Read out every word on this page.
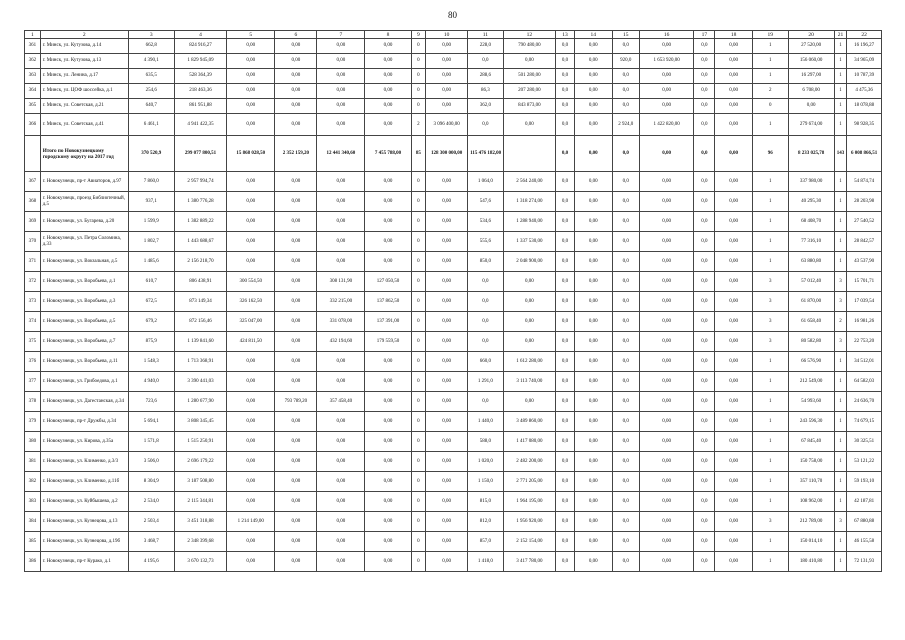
80
1	2	3	4	5	6	7	8	9	10	11	12	13	14	15	16	17	18	19	20	21	22
361	г. Минск, ул. Кутузова, д.14	662,8	824 916,27	0,00	0,00	0,00	0,00	0	0,00	228,0	790 480,00	0,0	0,00	0,0	0,00	0,0	0,00	1	27 520,00	1	16 196,27
362	г. Минск, ул. Кутузова, д.13	4 390,1	1 829 945,09	0,00	0,00	0,00	0,00	0	0,00	0,0	0,00	0,0	0,00	920,0	1 653 920,00	0,0	0,00	1	156 060,00	1	34 965,09
363	г. Минск, ул. Ленина, д.17	635,5	528 364,39	0,00	0,00	0,00	0,00	0	0,00	288,6	501 280,00	0,0	0,00	0,0	0,00	0,0	0,00	1	16 297,00	1	10 787,39
364	г. Минск, ул. ЦОФ шоссейка, д.1	254,6	218 463,36	0,00	0,00	0,00	0,00	0	0,00	86,3	207 280,00	0,0	0,00	0,0	0,00	0,0	0,00	2	6 708,00	1	4 475,36
365	г. Минск, ул. Советская, д.21	640,7	861 951,88	0,00	0,00	0,00	0,00	0	0,00	362,0	843 873,00	0,0	0,00	0,0	0,00	0,0	0,00	0	0,00	1	18 078,88
366	г. Минск, ул. Советская, д.41	6 461,1	4 941 422,35	0,00	0,00	0,00	0,00	2	3 096 400,00	0,0	0,00	0,0	0,00	2 924,0	1 422 820,00	0,0	0,00	1	279 674,00	1	98 928,35
	Итого по Новокузнецкому городскому округу на 2017 год	370 520,9	299 077 800,51	15 868 028,50	2 352 159,20	12 441 340,60	7 455 788,00	85	128 300 000,00	115 476 182,00		0,0	0,00	0,0	0,00	0,0	0,00	96	8 233 025,78	143	6 008 866,51
367	г. Новокузнецк, пр-т Авиаторов, д.97	7 860,0	2 957 994,74	0,00	0,00	0,00	0,00	0	0,00	1 064,0	2 564 240,00	0,0	0,00	0,0	0,00	0,0	0,00	1	337 980,00	1	54 874,74
368	г. Новокузнецк, проезд Библиотечный, д.5	937,1	1 380 776,28	0,00	0,00	0,00	0,00	0	0,00	547,6	1 318 274,00	0,0	0,00	0,0	0,00	0,0	0,00	1	40 295,30	1	28 203,98
369	г. Новокузнецк, ул. Бугарева, д.20	1 599,9	1 382 889,22	0,00	0,00	0,00	0,00	0	0,00	534,6	1 288 940,00	0,0	0,00	0,0	0,00	0,0	0,00	1	68 408,70	1	27 540,52
370	г. Новокузнецк, ул. Петра Соломина, д.33	1 802,7	1 443 688,67	0,00	0,00	0,00	0,00	0	0,00	555,6	1 337 530,00	0,0	0,00	0,0	0,00	0,0	0,00	1	77 316,10	1	28 842,57
371	г. Новокузнецк, ул. Вокзальная, д.5	1 485,6	2 156 218,70	0,00	0,00	0,00	0,00	0	0,00	850,0	2 048 900,00	0,0	0,00	0,0	0,00	0,0	0,00	1	63 880,80	1	43 537,90
372	г. Новокузнецк, ул. Воробьева, д.1	610,7	806 438,91	300 554,50	0,00	308 131,90	127 050,50	0	0,00	0,0	0,00	0,0	0,00	0,0	0,00	0,0	0,00	3	57 012,40	3	15 701,71
373	г. Новокузнецк, ул. Воробьева, д.3	672,5	873 149,34	326 162,50	0,00	332 215,00	137 862,50	0	0,00	0,0	0,00	0,0	0,00	0,0	0,00	0,0	0,00	3	61 870,00	3	17 039,54
374	г. Новокузнецк, ул. Воробьева, д.5	679,2	872 156,46	325 047,00	0,00	331 078,00	137 391,00	0	0,00	0,0	0,00	0,0	0,00	0,0	0,00	0,0	0,00	3	61 658,40	2	16 981,26
375	г. Новокузнецк, ул. Воробьева, д.7	875,9	1 139 841,60	424 811,50	0,00	432 194,60	179 559,50	0	0,00	0,0	0,00	0,0	0,00	0,0	0,00	0,0	0,00	3	80 582,80	3	22 753,20
376	г. Новокузнецк, ул. Воробьева, д.11	1 548,3	1 713 368,91	0,00	0,00	0,00	0,00	0	0,00	660,0	1 612 280,00	0,0	0,00	0,0	0,00	0,0	0,00	1	66 576,90	1	34 512,01
377	г. Новокузнецк, ул. Грибоедова, д.1	4 940,0	3 390 441,03	0,00	0,00	0,00	0,00	0	0,00	1 291,0	3 113 740,00	0,0	0,00	0,0	0,00	0,0	0,00	1	212 549,00	1	64 582,03
378	г. Новокузнецк, ул. Дагестанская, д.34	723,6	1 280 677,90	0,00	793 789,20	357 458,40	0,00	0	0,00	0,0	0,00	0,0	0,00	0,0	0,00	0,0	0,00	1	54 993,60	1	24 636,70
379	г. Новокузнецк, пр-т Дружбы, д.34	5 694,1	3 808 345,45	0,00	0,00	0,00	0,00	0	0,00	1 440,0	3 489 860,00	0,0	0,00	0,0	0,00	0,0	0,00	1	243 596,30	1	74 679,15
380	г. Новокузнецк, ул. Кирова, д.35а	1 571,8	1 515 250,91	0,00	0,00	0,00	0,00	0	0,00	588,0	1 417 080,00	0,0	0,00	0,0	0,00	0,0	0,00	1	67 845,40	1	30 325,51
381	г. Новокузнецк, ул. Клименко, д.3/3	3 506,0	2 696 179,22	0,00	0,00	0,00	0,00	0	0,00	1 020,0	2 482 200,00	0,0	0,00	0,0	0,00	0,0	0,00	1	150 758,00	1	53 121,22
382	г. Новокузнецк, ул. Клименко, д.11б	8 304,9	3 187 508,80	0,00	0,00	0,00	0,00	0	0,00	1 150,0	2 771 205,00	0,0	0,00	0,0	0,00	0,0	0,00	1	357 110,70	1	59 193,10
383	г. Новокузнецк, ул. Куйбышева, д.2	2 534,0	2 115 344,81	0,00	0,00	0,00	0,00	0	0,00	815,0	1 964 195,00	0,0	0,00	0,0	0,00	0,0	0,00	1	108 962,00	1	42 187,81
384	г. Новокузнецк, ул. Кузнецова, д.13	2 503,4	3 451 318,88	1 214 149,00	0,00	0,00	0,00	0	0,00	812,0	1 956 920,00	0,0	0,00	0,0	0,00	0,0	0,00	3	212 789,00	3	67 880,88
385	г. Новокузнецк, ул. Кузнецова, д.19б	3 468,7	2 348 399,68	0,00	0,00	0,00	0,00	0	0,00	857,0	2 152 154,00	0,0	0,00	0,0	0,00	0,0	0,00	1	150 014,10	1	46 155,58
386	г. Новокузнецк, пр-т Курако, д.1	4 195,6	3 670 132,73	0,00	0,00	0,00	0,00	0	0,00	1 418,0	3 417 780,00	0,0	0,00	0,0	0,00	0,0	0,00	1	180 410,80	1	72 131,93
